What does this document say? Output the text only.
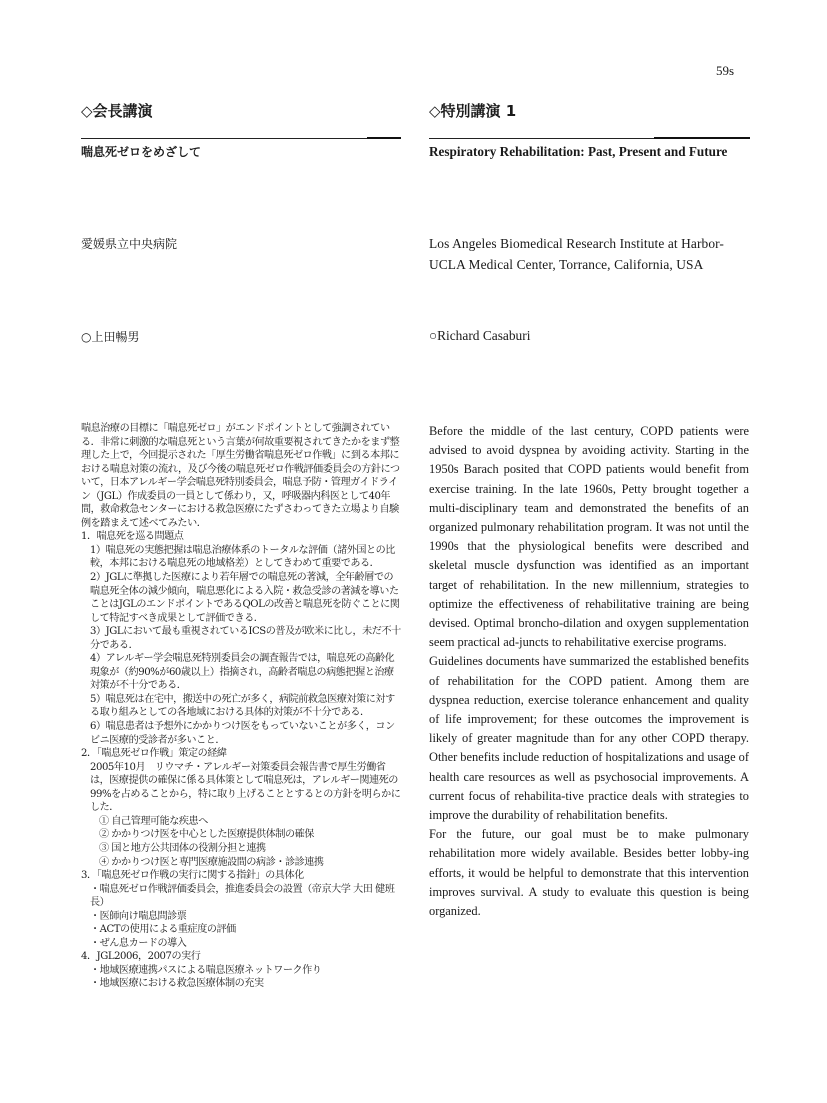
59s
◇会長講演
喘息死ゼロをめざして
愛媛県立中央病院
○上田暢男

喘息治療の目標に「喘息死ゼロ」がエンドポイントとして強調されている．非常に刺激的な喘息死という言葉が何故重要視されてきたかをまず整理した上で，今回提示された「厚生労働省喘息死ゼロ作戦」に到る本邦における喘息対策の流れ，及び今後の喘息死ゼロ作戦評価委員会の方針について，日本アレルギー学会喘息死特別委員会，喘息予防・管理ガイドライン（JGL）作成委員の一員として係わり，又，呼吸器内科医として40年間，救命救急センターにおける救急医療にたずさわってきた立場より自験例を踏まえて述べてみたい．

1．喘息死を巡る問題点

1）喘息死の実態把握は喘息治療体系のトータルな評価（諸外国との比較，本邦における喘息死の地域格差）としてきわめて重要である．

2）JGLに準拠した医療により若年層での喘息死の著減，全年齢層での喘息死全体の減少傾向，喘息悪化による入院・救急受診の著減を導いたことはJGLのエンドポイントであるQOLの改善と喘息死を防ぐことに関して特記すべき成果として評価できる．

3）JGLにおいて最も重視されているICSの普及が欧米に比し，未だ不十分である．

4）アレルギー学会喘息死特別委員会の調査報告では，喘息死の高齢化現象が（約90%が60歳以上）指摘され，高齢者喘息の病態把握と治療対策が不十分である．

5）喘息死は在宅中，搬送中の死亡が多く，病院前救急医療対策に対する取り組みとしての各地域における具体的対策が不十分である．

6）喘息患者は予想外にかかりつけ医をもっていないことが多く，コンビニ医療的受診者が多いこと．

2．「喘息死ゼロ作戦」策定の経緯

2005年10月　リウマチ・アレルギー対策委員会報告書で厚生労働省は，医療提供の確保に係る具体策として喘息死は，アレルギー関連死の99%を占めることから，特に取り上げることとするとの方針を明らかにした．

① 自己管理可能な疾患へ

② かかりつけ医を中心とした医療提供体制の確保

③ 国と地方公共団体の役割分担と連携

④ かかりつけ医と専門医療施設間の病診・診診連携

3．「喘息死ゼロ作戦の実行に関する指針」の具体化

・喘息死ゼロ作戦評価委員会，推進委員会の設置（帝京大学 大田 健班長）

・医師向け喘息問診票

・ACTの使用による重症度の評価

・ぜん息カードの導入

4．JGL2006，2007の実行

・地域医療連携パスによる喘息医療ネットワーク作り

・地域医療における救急医療体制の充実

◇特別講演 1
Respiratory Rehabilitation: Past, Present and Future
Los Angeles Biomedical Research Institute at Harbor-UCLA Medical Center, Torrance, California, USA
○Richard Casaburi

Before the middle of the last century, COPD patients were advised to avoid dyspnea by avoiding activity. Starting in the 1950s Barach posited that COPD patients would benefit from exercise training. In the late 1960s, Petty brought together a multi-disciplinary team and demonstrated the benefits of an organized pulmonary rehabilitation program. It was not until the 1990s that the physiological benefits were described and skeletal muscle dysfunction was identified as an important target of rehabilitation. In the new millennium, strategies to optimize the effectiveness of rehabilitative training are being devised. Optimal broncho-dilation and oxygen supplementation seem practical ad-juncts to rehabilitative exercise programs.

Guidelines documents have summarized the established benefits of rehabilitation for the COPD patient. Among them are dyspnea reduction, exercise tolerance enhancement and quality of life improvement; for these outcomes the improvement is likely of greater magnitude than for any other COPD therapy. Other benefits include reduction of hospitalizations and usage of health care resources as well as psychosocial improvements. A current focus of rehabilita-tive practice deals with strategies to improve the durability of rehabilitation benefits.

For the future, our goal must be to make pulmonary rehabilitation more widely available. Besides better lobby-ing efforts, it would be helpful to demonstrate that this intervention improves survival. A study to evaluate this question is being organized.
